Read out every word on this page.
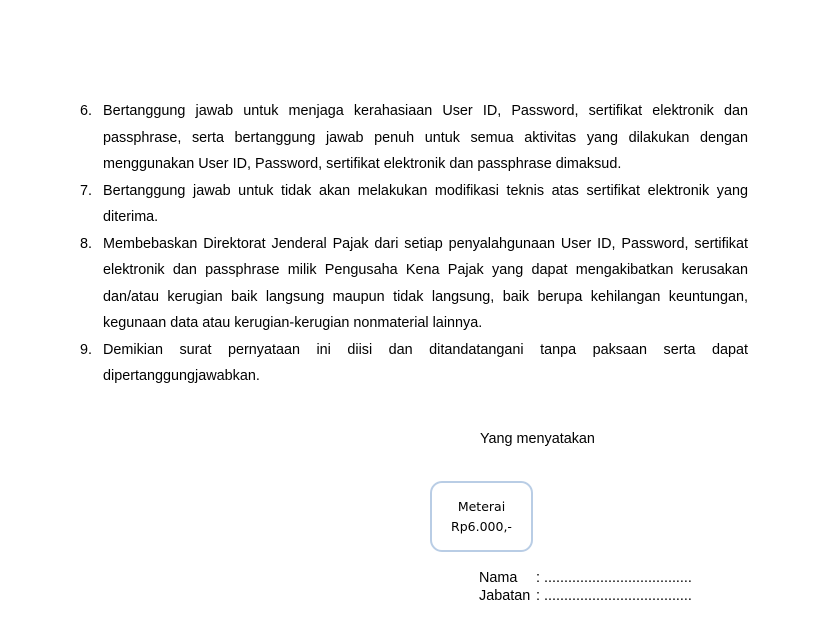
6. Bertanggung jawab untuk menjaga kerahasiaan User ID, Password, sertifikat elektronik dan passphrase, serta bertanggung jawab penuh untuk semua aktivitas yang dilakukan dengan menggunakan User ID, Password, sertifikat elektronik dan passphrase dimaksud.
7. Bertanggung jawab untuk tidak akan melakukan modifikasi teknis atas sertifikat elektronik yang diterima.
8. Membebaskan Direktorat Jenderal Pajak dari setiap penyalahgunaan User ID, Password, sertifikat elektronik dan passphrase milik Pengusaha Kena Pajak yang dapat mengakibatkan kerusakan dan/atau kerugian baik langsung maupun tidak langsung, baik berupa kehilangan keuntungan, kegunaan data atau kerugian-kerugian nonmaterial lainnya.
9. Demikian surat pernyataan ini diisi dan ditandatangani tanpa paksaan serta dapat dipertanggungjawabkan.
Yang menyatakan
Meterai
Rp6.000,-
Nama	: .....................................
Jabatan : .....................................
